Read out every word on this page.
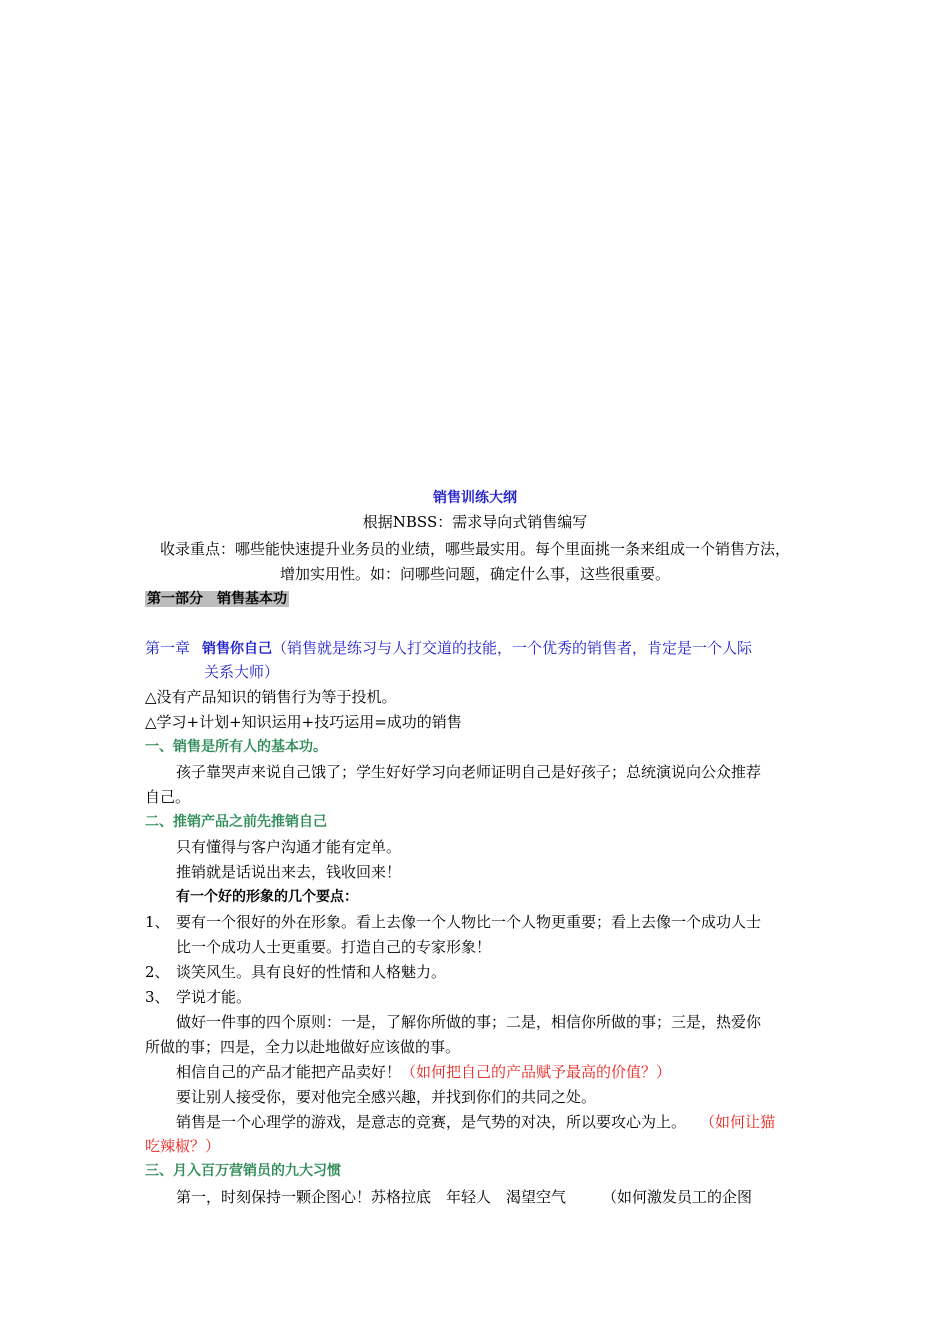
销售训练大纲
根据NBSS：需求导向式销售编写
收录重点：哪些能快速提升业务员的业绩，哪些最实用。每个里面挑一条来组成一个销售方法，
增加实用性。如：问哪些问题，确定什么事，这些很重要。
第一部分　销售基本功
第一章 销售你自己（销售就是练习与人打交道的技能，一个优秀的销售者，肯定是一个人际
关系大师）
△没有产品知识的销售行为等于投机。
△学习+计划+知识运用+技巧运用=成功的销售
一、销售是所有人的基本功。
孩子靠哭声来说自己饿了；学生好好学习向老师证明自己是好孩子；总统演说向公众推荐
自己。
二、推销产品之前先推销自己
只有懂得与客户沟通才能有定单。
推销就是话说出来去，钱收回来！
有一个好的形象的几个要点：
1、 要有一个很好的外在形象。看上去像一个人物比一个人物更重要；看上去像一个成功人士
比一个成功人士更重要。打造自己的专家形象！
2、 谈笑风生。具有良好的性情和人格魅力。
3、 学说才能。
做好一件事的四个原则：一是，了解你所做的事；二是，相信你所做的事；三是，热爱你
所做的事；四是，全力以赴地做好应该做的事。
相信自己的产品才能把产品卖好！（如何把自己的产品赋予最高的价值？）
要让别人接受你，要对他完全感兴趣，并找到你们的共同之处。
销售是一个心理学的游戏，是意志的竞赛，是气势的对决，所以要攻心为上。 （如何让猫
吃辣椒？）
三、月入百万营销员的九大习惯
第一，时刻保持一颗企图心！苏格拉底　年轻人　渴望空气 （如何激发员工的企图
